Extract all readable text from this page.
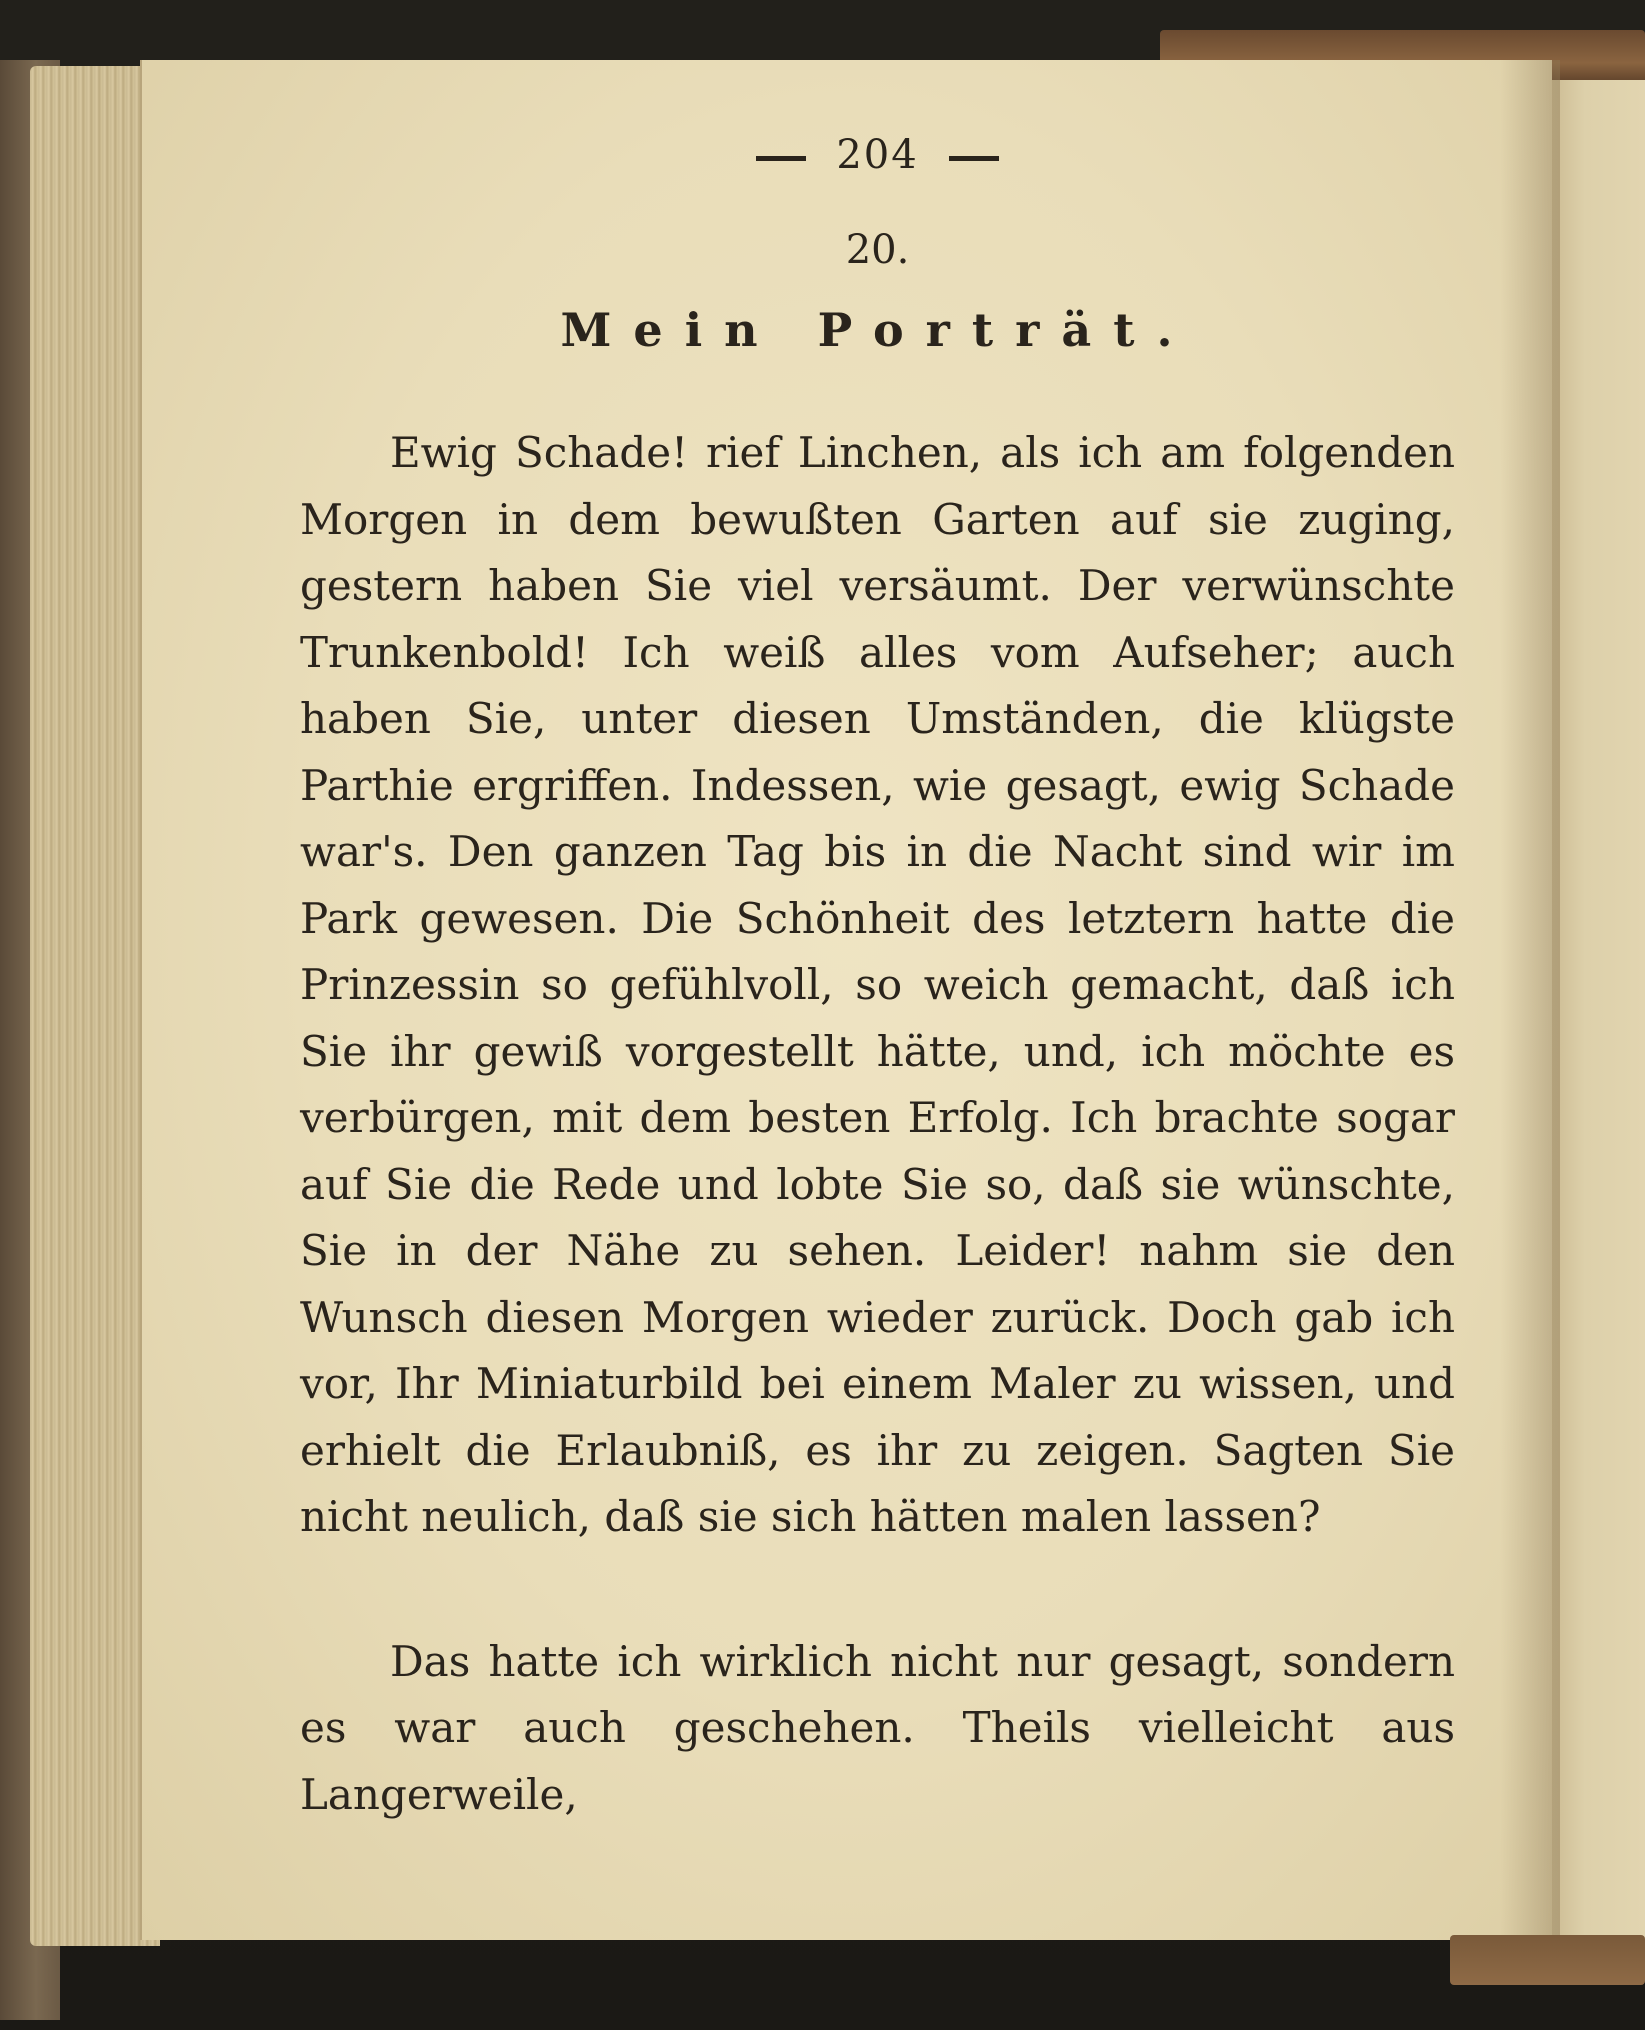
204
20.
Mein Porträt.

Ewig Schade! rief Linchen, als ich am folgenden Morgen in dem bewußten Garten auf sie zuging, gestern haben Sie viel versäumt. Der verwünschte Trunkenbold! Ich weiß alles vom Aufseher; auch haben Sie, unter diesen Umständen, die klügste Parthie ergriffen. Indessen, wie gesagt, ewig Schade war's. Den ganzen Tag bis in die Nacht sind wir im Park gewesen. Die Schönheit des letztern hatte die Prinzessin so gefühlvoll, so weich gemacht, daß ich Sie ihr gewiß vorgestellt hätte, und, ich möchte es verbürgen, mit dem besten Erfolg. Ich brachte sogar auf Sie die Rede und lobte Sie so, daß sie wünschte, Sie in der Nähe zu sehen. Leider! nahm sie den Wunsch diesen Morgen wieder zurück. Doch gab ich vor, Ihr Miniaturbild bei einem Maler zu wissen, und erhielt die Erlaubniß, es ihr zu zeigen. Sagten Sie nicht neulich, daß sie sich hätten malen lassen?

Das hatte ich wirklich nicht nur gesagt, sondern es war auch geschehen. Theils vielleicht aus Langerweile,
